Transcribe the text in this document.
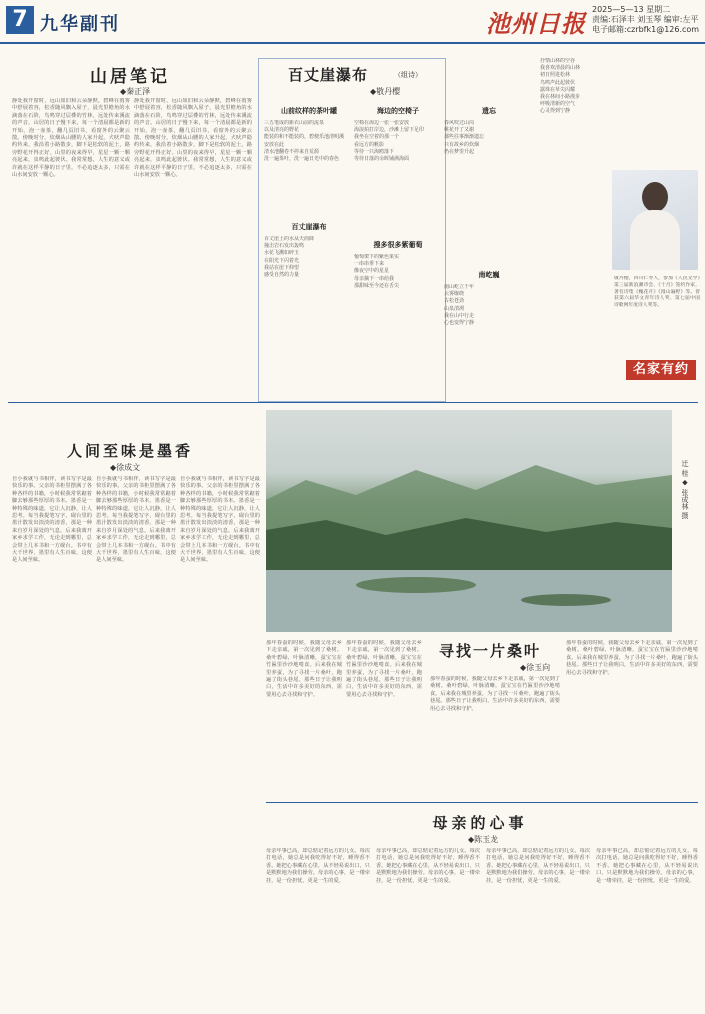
7 九华副刊	池州日报 2025—5—13 星期二
责编:石泽丰 刘玉琴 编审:左平
电子邮箱:czrbfk1@126.com
山居笔记
◆秦正泽
静处我开窗时，远山如旧和云朵静默，碧峰在雨雾中舒展着容，松香随风飘入屋子，晨光里檐角的水滴落在石阶，鸟鸣穿过层叠的竹林，远处传来溪流的声音。山居的日子慢下来，每一个清晨都是新的开始，泡一壶茶，翻几页旧书，看窗外的云聚云散。傍晚时分，炊烟从山腰的人家升起，犬吠声隐约传来，我沿着小路散步，脚下是松软的泥土，路旁野花开得正好。山里的夜来得早，星星一颗一颗亮起来，虫鸣此起彼伏。我常常想，人生的意义或许就在这样平静的日子里，不必追逐太多，只需在山水间安放一颗心。
静处我开窗时，远山如旧和云朵静默，碧峰在雨雾中舒展着容，松香随风飘入屋子，晨光里檐角的水滴落在石阶，鸟鸣穿过层叠的竹林，远处传来溪流的声音。山居的日子慢下来，每一个清晨都是新的开始，泡一壶茶，翻几页旧书，看窗外的云聚云散。傍晚时分，炊烟从山腰的人家升起，犬吠声隐约传来，我沿着小路散步，脚下是松软的泥土，路旁野花开得正好。山里的夜来得早，星星一颗一颗亮起来，虫鸣此起彼伏。我常常想，人生的意义或许就在这样平静的日子里，不必追逐太多，只需在山水间安放一颗心。
百丈崖瀑布	（组诗）
◆敬丹樱
山前纹样的茶叶罐
三五笔成的新衣山前的流泉
以及清亮的野花
能装的和不能装的，碧便乐池清明溪
安放在此
清水池翻卷不停来自荒源
洗一遍茶叶，洗一遍日光中的春色
百丈崖瀑布
百丈崖上的水从天而降
撞击岩石发出轰鸣
水花飞溅如碎玉
在阳光下闪着光
我站在崖下仰望
感受自然的力量
海边的空椅子
空椅在海边一张一张安放
海浪拍打岸边，沙滩上留下足印
我坐在空着的那一个
看远方的帆影
等待一只海鸥落下
等待日落的余晖铺满海面
搜多很多紫葡萄
葡萄架下的紫色果实
一串串垂下来
像夜空中的星星
母亲摘下一串给我
那甜味至今还在舌尖
遗忘
春风吹过山岗
桃花开了又谢
那些往事渐渐遗忘
只有故乡的炊烟
仍在梦里升起
南屹巍
南山屹立千年
云雾缭绕
古松苍劲
山泉清冽
我在山中行走
心也变得宁静
抒情山林的空谷
我喜欢清晨的山林
初日照进松林
鸟鸣声此起彼伏
露珠在草尖闪耀
我在林间小路漫步
呼吸清新的空气
心灵得到宁静
敬丹樱，四川仁寿人，参加《人民文学》第三届新浪潮诗会、《十月》签约作家，著有诗集《槐花开》《漫山遍野》等。曾获第六届华文青年诗人奖、第七届中国诗歌网年度诗人奖等。
名家有约
人间至味是墨香
◆徐成文
自小我就与书相伴，读书写字是最快乐的事。父亲的书柜里摆满了各种各样的书籍，小时候我常常踮着脚去够那些厚厚的书本。墨香是一种特殊的味道，它让人沉静，让人思考。每当我提笔写字，砚台里的墨汁散发出淡淡的清香，那是一种来自岁月深处的气息。后来我离开家乡求学工作，无论走到哪里，总会带上几本书和一方砚台。书中有大千世界，墨里有人生百味，这便是人间至味。
自小我就与书相伴，读书写字是最快乐的事。父亲的书柜里摆满了各种各样的书籍，小时候我常常踮着脚去够那些厚厚的书本。墨香是一种特殊的味道，它让人沉静，让人思考。每当我提笔写字，砚台里的墨汁散发出淡淡的清香，那是一种来自岁月深处的气息。后来我离开家乡求学工作，无论走到哪里，总会带上几本书和一方砚台。书中有大千世界，墨里有人生百味，这便是人间至味。
自小我就与书相伴，读书写字是最快乐的事。父亲的书柜里摆满了各种各样的书籍，小时候我常常踮着脚去够那些厚厚的书本。墨香是一种特殊的味道，它让人沉静，让人思考。每当我提笔写字，砚台里的墨汁散发出淡淡的清香，那是一种来自岁月深处的气息。后来我离开家乡求学工作，无论走到哪里，总会带上几本书和一方砚台。书中有大千世界，墨里有人生百味，这便是人间至味。
迁 桂 ◆ 张成林 摄
寻找一片桑叶
◆徐玉向
那年春蚕的时候，我随父母去乡下走亲戚，第一次见到了桑树。桑叶碧绿，叶脉清晰，蚕宝宝在竹匾里沙沙地啃食。后来我在城里养蚕，为了寻找一片桑叶，跑遍了街头巷尾。那些日子让我明白，生活中许多美好的东西，需要用心去寻找和守护。
那年春蚕的时候，我随父母去乡下走亲戚，第一次见到了桑树。桑叶碧绿，叶脉清晰，蚕宝宝在竹匾里沙沙地啃食。后来我在城里养蚕，为了寻找一片桑叶，跑遍了街头巷尾。那些日子让我明白，生活中许多美好的东西，需要用心去寻找和守护。
那年春蚕的时候，我随父母去乡下走亲戚，第一次见到了桑树。桑叶碧绿，叶脉清晰，蚕宝宝在竹匾里沙沙地啃食。后来我在城里养蚕，为了寻找一片桑叶，跑遍了街头巷尾。那些日子让我明白，生活中许多美好的东西，需要用心去寻找和守护。
那年春蚕的时候，我随父母去乡下走亲戚，第一次见到了桑树。桑叶碧绿，叶脉清晰，蚕宝宝在竹匾里沙沙地啃食。后来我在城里养蚕，为了寻找一片桑叶，跑遍了街头巷尾。那些日子让我明白，生活中许多美好的东西，需要用心去寻找和守护。
母亲的心事
◆陈玉龙
母亲年事已高，却总惦记着远方的儿女。每次打电话，她总是问我吃得好不好，睡得香不香。她把心事藏在心里，从不轻易说出口，只是默默地为我们操劳。母亲的心事，是一缕牵挂，是一份担忧，更是一生的爱。
母亲年事已高，却总惦记着远方的儿女。每次打电话，她总是问我吃得好不好，睡得香不香。她把心事藏在心里，从不轻易说出口，只是默默地为我们操劳。母亲的心事，是一缕牵挂，是一份担忧，更是一生的爱。
母亲年事已高，却总惦记着远方的儿女。每次打电话，她总是问我吃得好不好，睡得香不香。她把心事藏在心里，从不轻易说出口，只是默默地为我们操劳。母亲的心事，是一缕牵挂，是一份担忧，更是一生的爱。
母亲年事已高，却总惦记着远方的儿女。每次打电话，她总是问我吃得好不好，睡得香不香。她把心事藏在心里，从不轻易说出口，只是默默地为我们操劳。母亲的心事，是一缕牵挂，是一份担忧，更是一生的爱。
